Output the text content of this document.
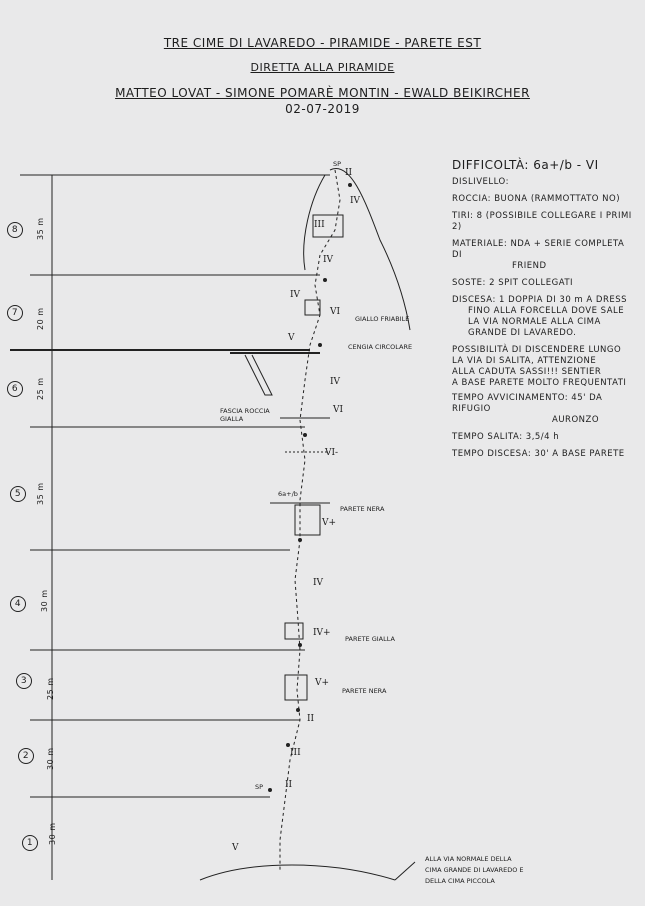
TRE CIME DI LAVAREDO - PIRAMIDE - PARETE EST
DIRETTA ALLA PIRAMIDE
MATTEO LOVAT - SIMONE POMARÈ MONTIN - EWALD BEIKIRCHER
02-07-2019
8	35 m
7	20 m
6	25 m
5	35 m
4	30 m
3	25 m
2	30 m
1	30 m
II
IV
III
IV
IV
VI
V
IV
VI
VI-
V+
IV
IV+
V+
II
III
II
V
SP
GIALLO FRIABILE
CENGIA CIRCOLARE
FASCIA ROCCIA GIALLA
6a+/b
PARETE NERA
PARETE GIALLA
PARETE NERA
SP
ALLA VIA NORMALE DELLA
CIMA GRANDE DI LAVAREDO E
DELLA CIMA PICCOLA
DIFFICOLTÀ: 6a+/b - VI
DISLIVELLO:
ROCCIA: BUONA (RAMMOTTATO NO)
TIRI: 8 (POSSIBILE COLLEGARE I PRIMI 2)
MATERIALE: NDA + SERIE COMPLETA DI
FRIEND
SOSTE: 2 SPIT COLLEGATI
DISCESA: 1 DOPPIA DI 30 m A DRESS
FINO ALLA FORCELLA DOVE SALE
LA VIA NORMALE ALLA CIMA
GRANDE DI LAVAREDO.
POSSIBILITÀ DI DISCENDERE LUNGO
LA VIA DI SALITA, ATTENZIONE
ALLA CADUTA SASSI!!! SENTIER
A BASE PARETE MOLTO FREQUENTATI
TEMPO AVVICINAMENTO: 45' DA RIFUGIO
AURONZO
TEMPO SALITA: 3,5/4 h
TEMPO DISCESA: 30' A BASE PARETE
